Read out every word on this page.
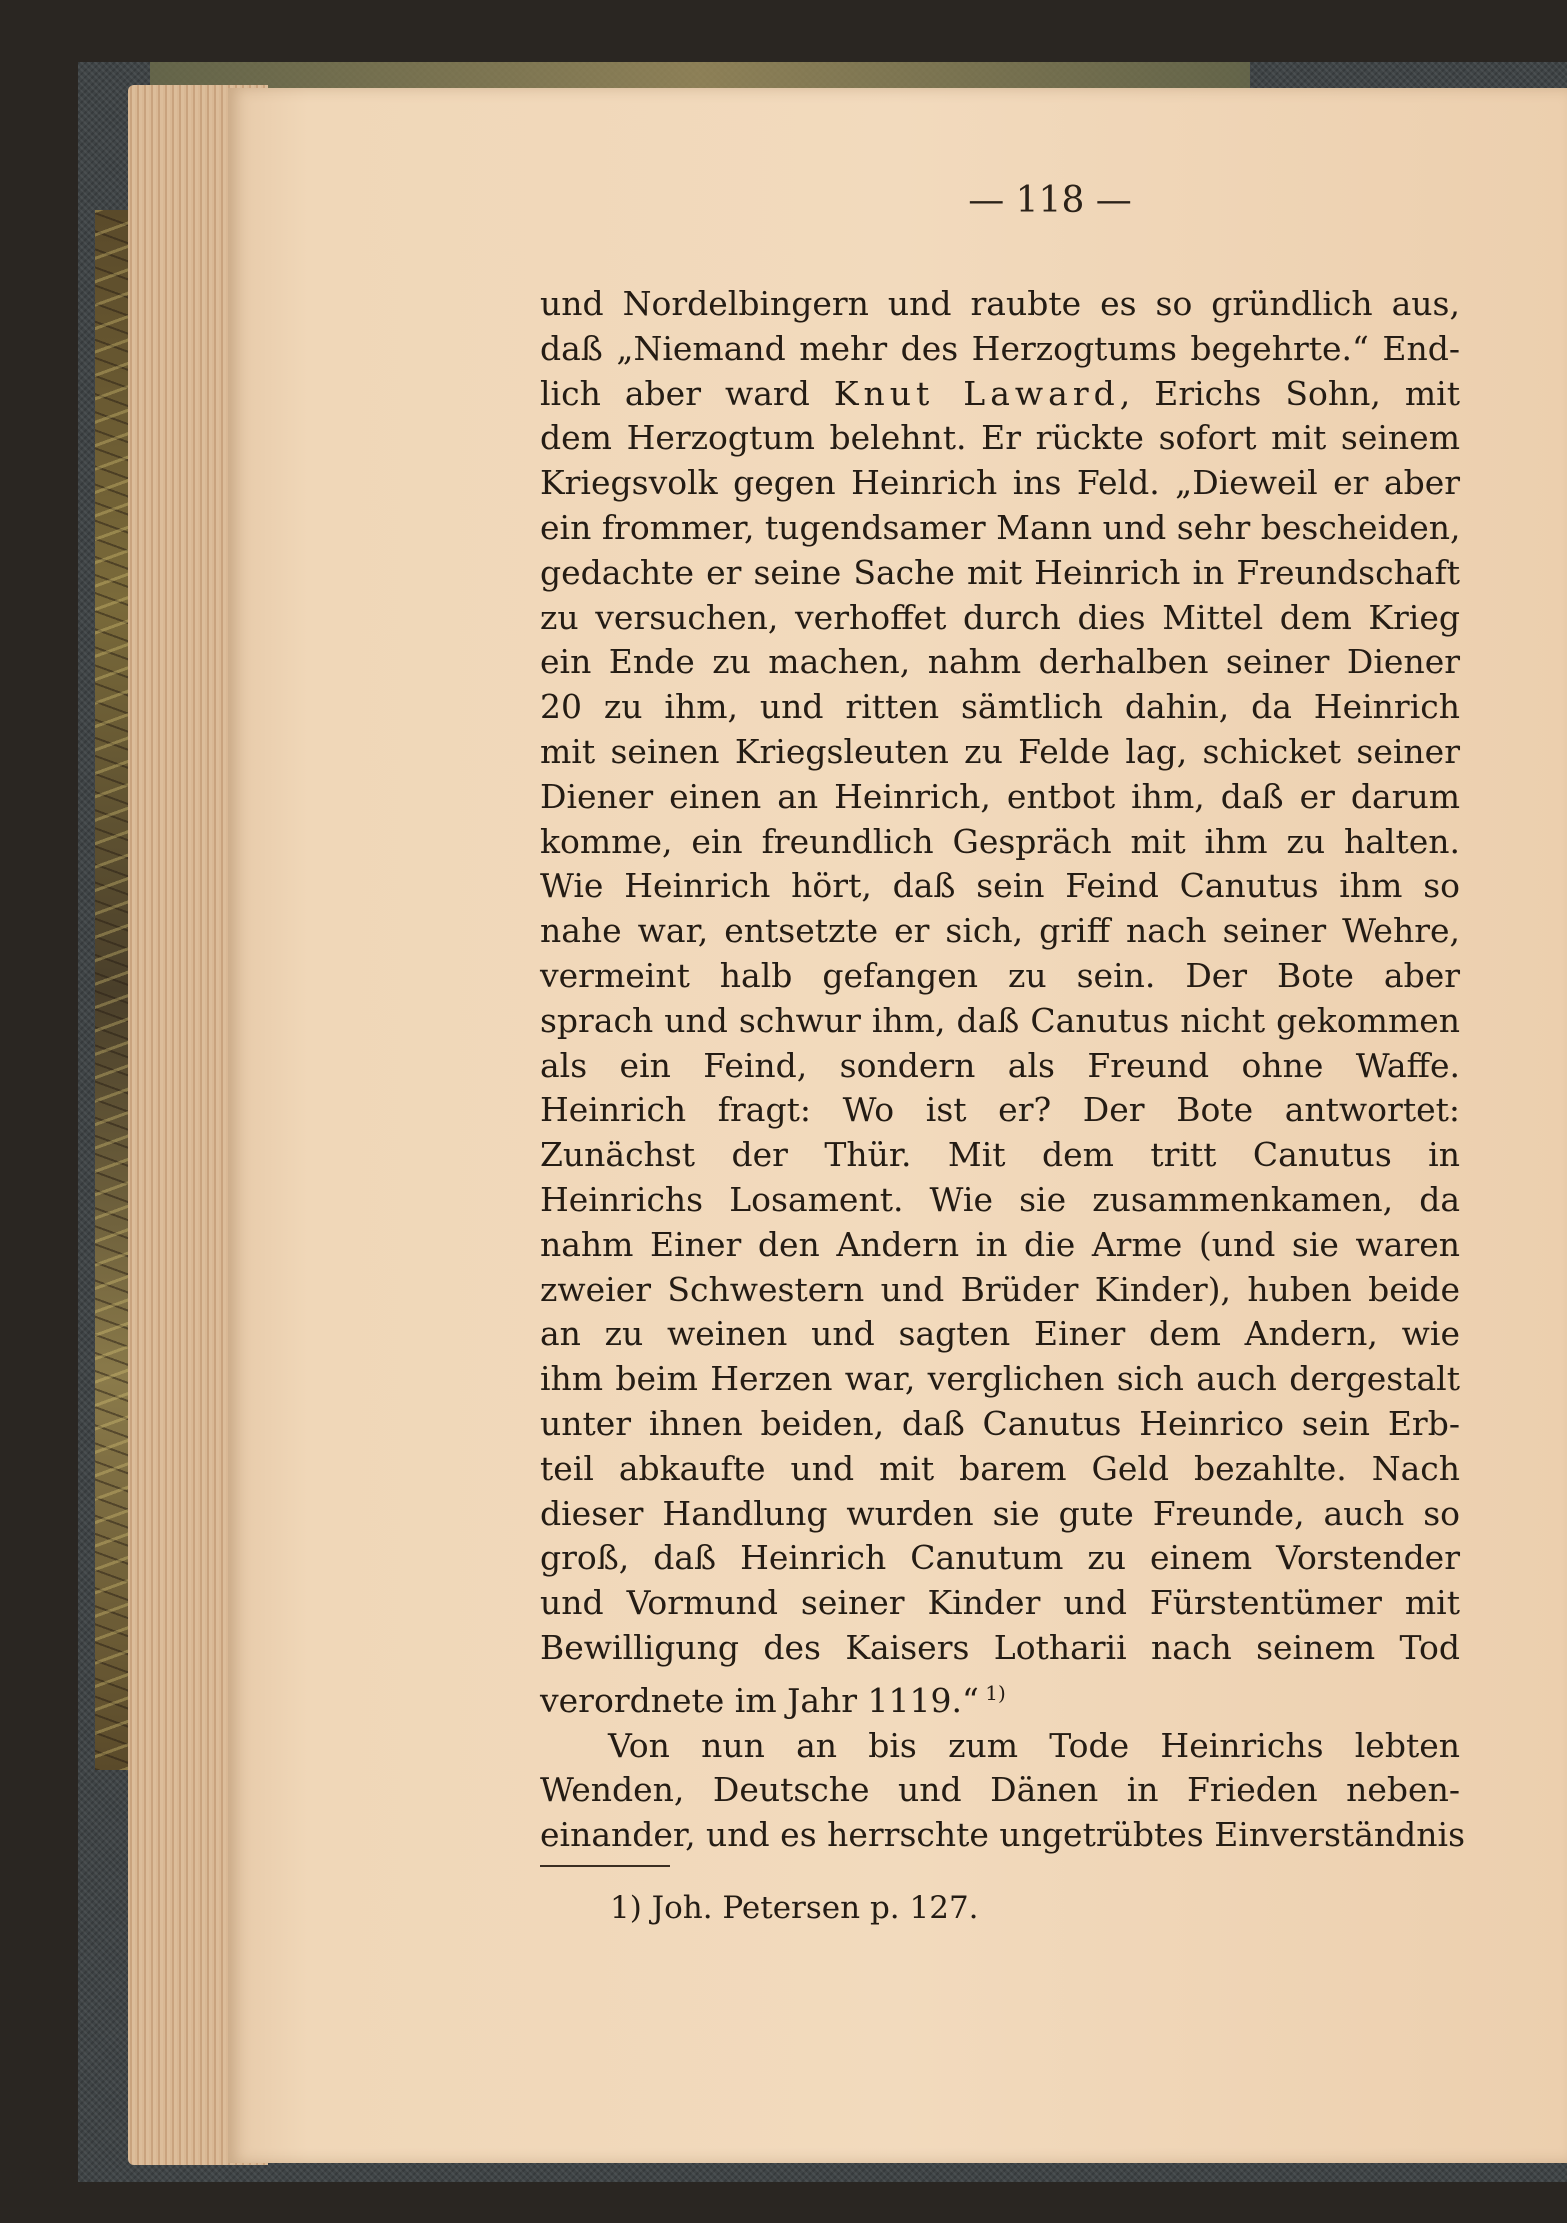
— 118 —
und Nordelbingern und raubte es so gründlich aus,
daß „Niemand mehr des Herzogtums begehrte.“ End-
lich aber ward Knut Laward, Erichs Sohn, mit
dem Herzogtum belehnt. Er rückte sofort mit seinem
Kriegsvolk gegen Heinrich ins Feld. „Dieweil er aber
ein frommer, tugendsamer Mann und sehr bescheiden,
gedachte er seine Sache mit Heinrich in Freundschaft
zu versuchen, verhoffet durch dies Mittel dem Krieg
ein Ende zu machen, nahm derhalben seiner Diener
20 zu ihm, und ritten sämtlich dahin, da Heinrich
mit seinen Kriegsleuten zu Felde lag, schicket seiner
Diener einen an Heinrich, entbot ihm, daß er darum
komme, ein freundlich Gespräch mit ihm zu halten.
Wie Heinrich hört, daß sein Feind Canutus ihm so
nahe war, entsetzte er sich, griff nach seiner Wehre,
vermeint halb gefangen zu sein. Der Bote aber
sprach und schwur ihm, daß Canutus nicht gekommen
als ein Feind, sondern als Freund ohne Waffe.
Heinrich fragt: Wo ist er? Der Bote antwortet:
Zunächst der Thür. Mit dem tritt Canutus in
Heinrichs Losament. Wie sie zusammenkamen, da
nahm Einer den Andern in die Arme (und sie waren
zweier Schwestern und Brüder Kinder), huben beide
an zu weinen und sagten Einer dem Andern, wie
ihm beim Herzen war, verglichen sich auch dergestalt
unter ihnen beiden, daß Canutus Heinrico sein Erb-
teil abkaufte und mit barem Geld bezahlte. Nach
dieser Handlung wurden sie gute Freunde, auch so
groß, daß Heinrich Canutum zu einem Vorstender
und Vormund seiner Kinder und Fürstentümer mit
Bewilligung des Kaisers Lotharii nach seinem Tod
verordnete im Jahr 1119.“ $^{1)}$
Von nun an bis zum Tode Heinrichs lebten
Wenden, Deutsche und Dänen in Frieden neben-
einander, und es herrschte ungetrübtes Einverständnis
1) Joh. Petersen p. 127.
